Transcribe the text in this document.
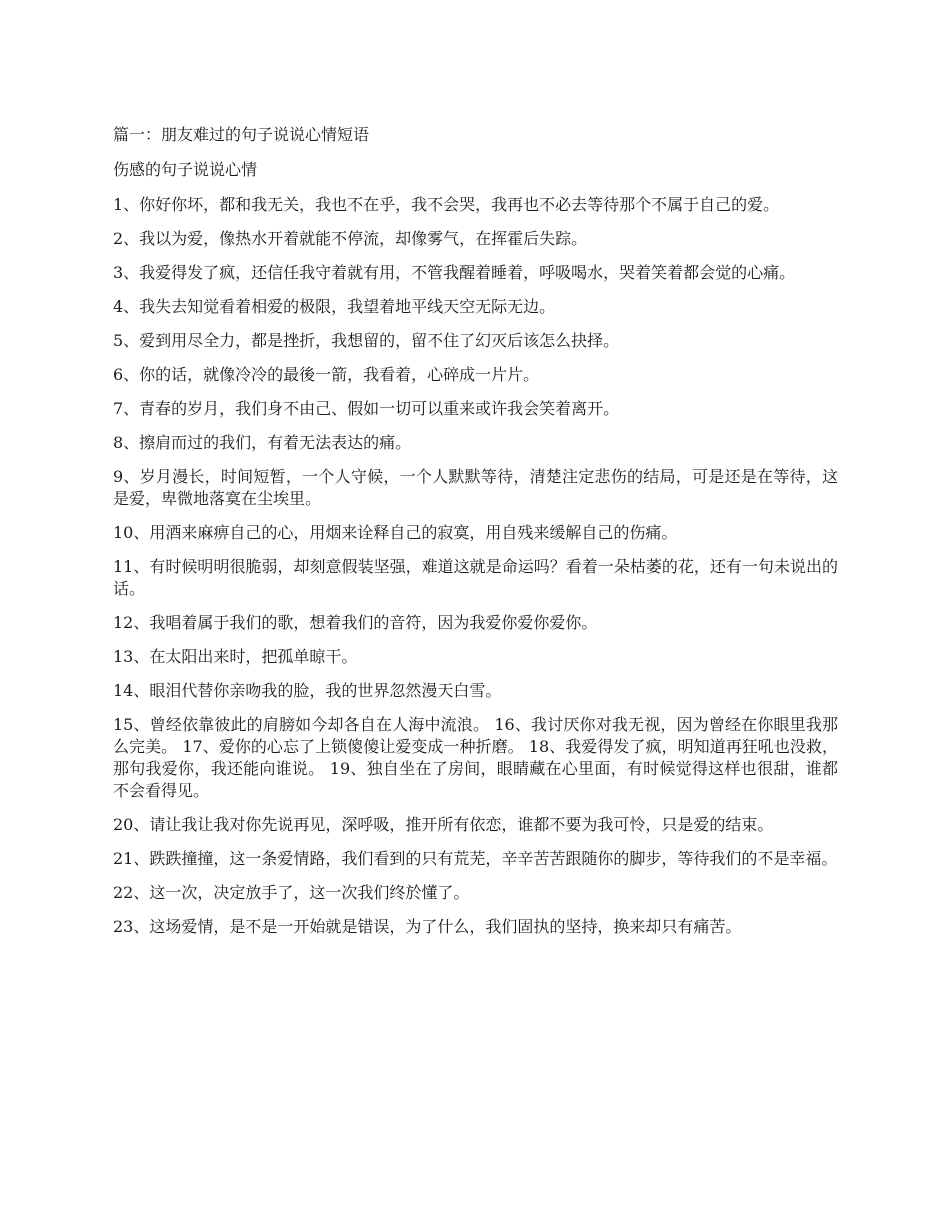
篇一：朋友难过的句子说说心情短语

伤感的句子说说心情

1、你好你坏，都和我无关，我也不在乎，我不会哭，我再也不必去等待那个不属于自己的爱。

2、我以为爱，像热水开着就能不停流，却像雾气，在挥霍后失踪。

3、我爱得发了疯，还信任我守着就有用，不管我醒着睡着，呼吸喝水，哭着笑着都会觉的心痛。

4、我失去知觉看着相爱的极限，我望着地平线天空无际无边。

5、爱到用尽全力，都是挫折，我想留的，留不住了幻灭后该怎么抉择。

6、你的话，就像冷冷的最後一箭，我看着，心碎成一片片。

7、青春的岁月，我们身不由己、假如一切可以重来或许我会笑着离开。

8、擦肩而过的我们，有着无法表达的痛。

9、岁月漫长，时间短暂，一个人守候，一个人默默等待，清楚注定悲伤的结局，可是还是在等待，这是爱，卑微地落寞在尘埃里。

10、用酒来麻痹自己的心，用烟来诠释自己的寂寞，用自残来缓解自己的伤痛。

11、有时候明明很脆弱，却刻意假装坚强，难道这就是命运吗？看着一朵枯萎的花，还有一句未说出的话。

12、我唱着属于我们的歌，想着我们的音符，因为我爱你爱你爱你。

13、在太阳出来时，把孤单晾干。

14、眼泪代替你亲吻我的脸，我的世界忽然漫天白雪。

15、曾经依靠彼此的肩膀如今却各自在人海中流浪。 16、我讨厌你对我无视，因为曾经在你眼里我那么完美。 17、爱你的心忘了上锁傻傻让爱变成一种折磨。 18、我爱得发了疯，明知道再狂吼也没救，那句我爱你，我还能向谁说。 19、独自坐在了房间，眼睛藏在心里面，有时候觉得这样也很甜，谁都不会看得见。

20、请让我让我对你先说再见，深呼吸，推开所有依恋，谁都不要为我可怜，只是爱的结束。

21、跌跌撞撞，这一条爱情路，我们看到的只有荒芜，辛辛苦苦跟随你的脚步，等待我们的不是幸福。

22、这一次，决定放手了，这一次我们终於懂了。

23、这场爱情，是不是一开始就是错误，为了什么，我们固执的坚持，换来却只有痛苦。
